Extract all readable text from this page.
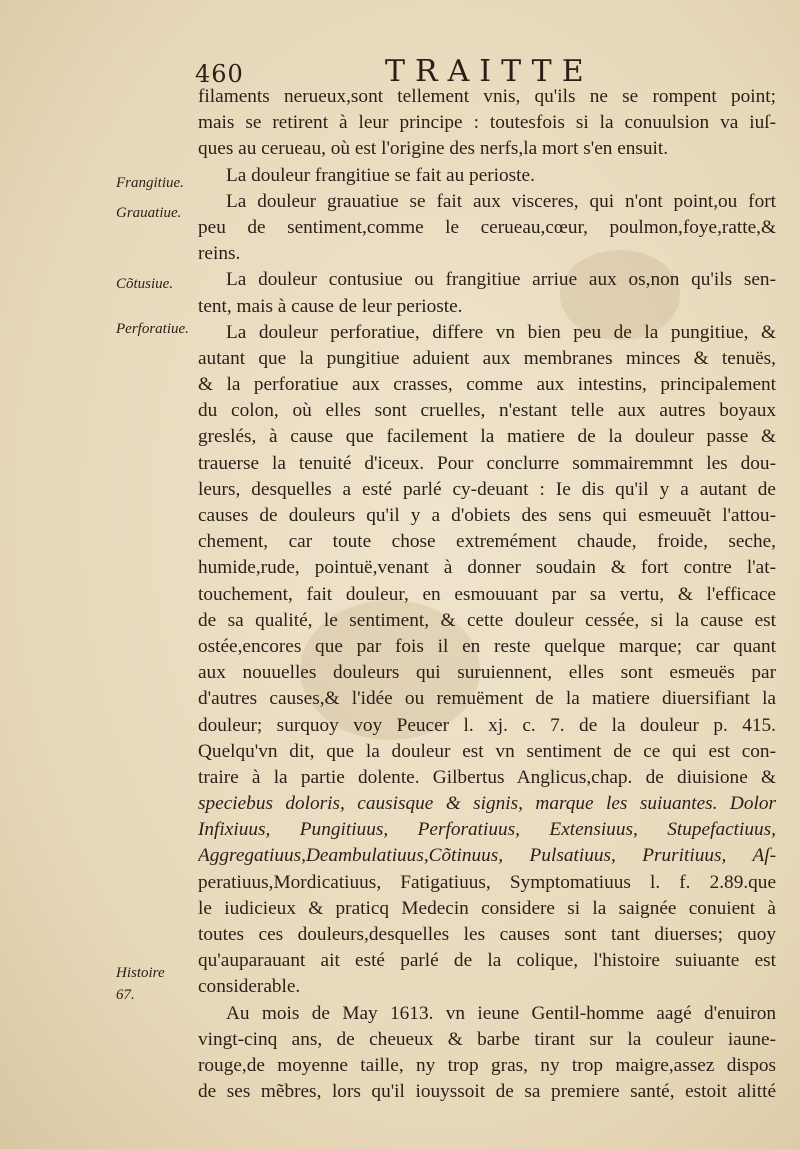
460	TRAITTE
Frangitiue.
Grauatiue.
Cõtusiue.
Perforatiue.
Histoire 67.
filaments nerueux,sont tellement vnis, qu'ils ne se rompent point;
mais se retirent à leur principe : toutesfois si la conuulsion va iuſ-
ques au cerueau, où est l'origine des nerfs,la mort s'en ensuit.
La douleur frangitiue se fait au perioste.
La douleur grauatiue se fait aux visceres, qui n'ont point,ou fort
peu de sentiment,comme le cerueau,cœur, poulmon,foye,ratte,&
reins.
La douleur contusiue ou frangitiue arriue aux os,non qu'ils sen-
tent, mais à cause de leur perioste.
La douleur perforatiue, differe vn bien peu de la pungitiue, &
autant que la pungitiue aduient aux membranes minces & tenuës,
& la perforatiue aux crasses, comme aux intestins, principalement
du colon, où elles sont cruelles, n'estant telle aux autres boyaux
greslés, à cause que facilement la matiere de la douleur passe &
trauerse la tenuité d'iceux. Pour conclurre sommairemmnt les dou-
leurs, desquelles a esté parlé cy-deuant : Ie dis qu'il y a autant de
causes de douleurs qu'il y a d'obiets des sens qui esmeuuẽt l'attou-
chement, car toute chose extremément chaude, froide, seche,
humide,rude, pointuë,venant à donner soudain & fort contre l'at-
touchement, fait douleur, en esmouuant par sa vertu, & l'efficace
de sa qualité, le sentiment, & cette douleur cessée, si la cause est
ostée,encores que par fois il en reste quelque marque; car quant
aux nouuelles douleurs qui suruiennent, elles sont esmeuës par
d'autres causes,& l'idée ou remuëment de la matiere diuersifiant la
douleur; surquoy voy Peucer l. xj. c. 7. de la douleur p. 415.
Quelqu'vn dit, que la douleur est vn sentiment de ce qui est con-
traire à la partie dolente. Gilbertus Anglicus,chap. de diuisione &
speciebus doloris, causisque & signis, marque les suiuantes. Dolor
Infixiuus, Pungitiuus, Perforatiuus, Extensiuus, Stupefactiuus,
Aggregatiuus,Deambulatiuus,Cõtinuus, Pulsatiuus, Pruritiuus, Aſ-
peratiuus,Mordicatiuus, Fatigatiuus, Symptomatiuus l. f. 2.89.que
le iudicieux & praticq Medecin considere si la saignée conuient à
toutes ces douleurs,desquelles les causes sont tant diuerses; quoy
qu'auparauant ait esté parlé de la colique, l'histoire suiuante est
considerable.
Au mois de May 1613. vn ieune Gentil-homme aagé d'enuiron
vingt-cinq ans, de cheueux & barbe tirant sur la couleur iaune-
rouge,de moyenne taille, ny trop gras, ny trop maigre,assez dispos
de ses mẽbres, lors qu'il iouyssoit de sa premiere santé, estoit alitté
